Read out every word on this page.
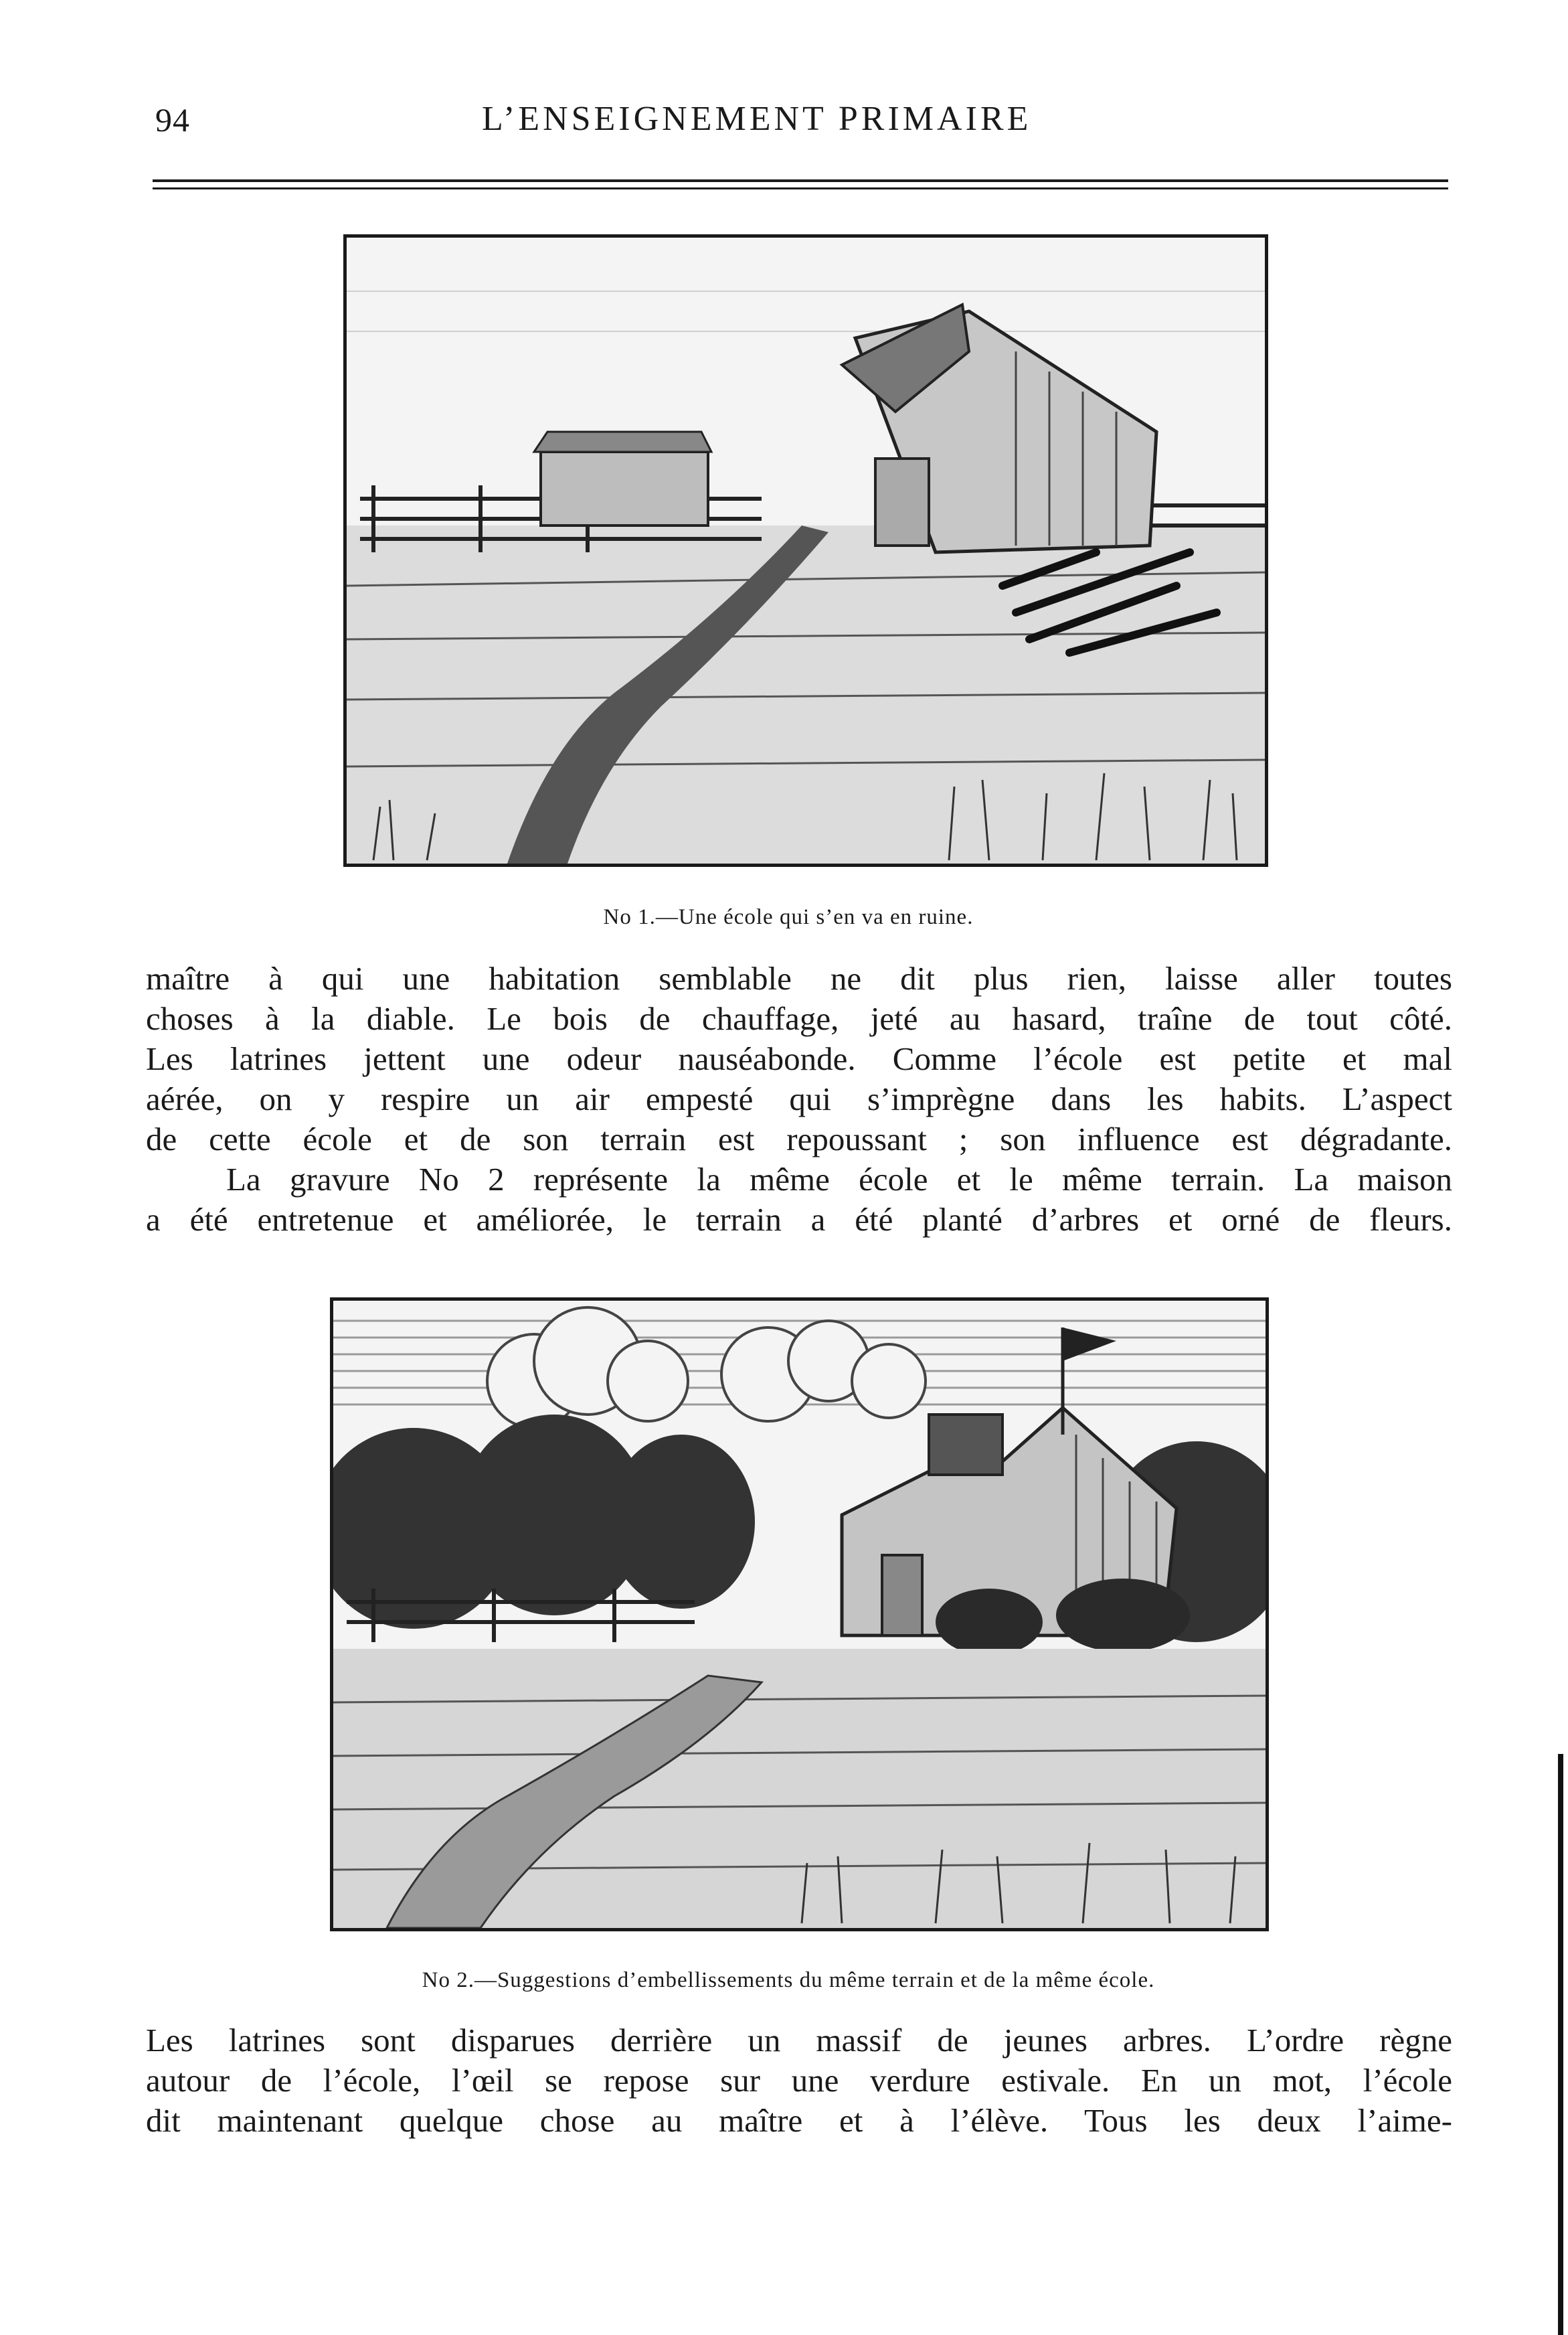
94	L’ENSEIGNEMENT PRIMAIRE
No 1.—Une école qui s’en va en ruine.

maître à qui une habitation semblable ne dit plus rien, laisse aller toutes
choses à la diable. Le bois de chauffage, jeté au hasard, traîne de tout côté.
Les latrines jettent une odeur nauséabonde. Comme l’école est petite et mal
aérée, on y respire un air empesté qui s’imprègne dans les habits. L’aspect
de cette école et de son terrain est repoussant ; son influence est dégradante.

La gravure No 2 représente la même école et le même terrain. La maison
a été entretenue et améliorée, le terrain a été planté d’arbres et orné de fleurs.

No 2.—Suggestions d’embellissements du même terrain et de la même école.

Les latrines sont disparues derrière un massif de jeunes arbres. L’ordre règne
autour de l’école, l’œil se repose sur une verdure estivale. En un mot, l’école
dit maintenant quelque chose au maître et à l’élève. Tous les deux l’aime-
